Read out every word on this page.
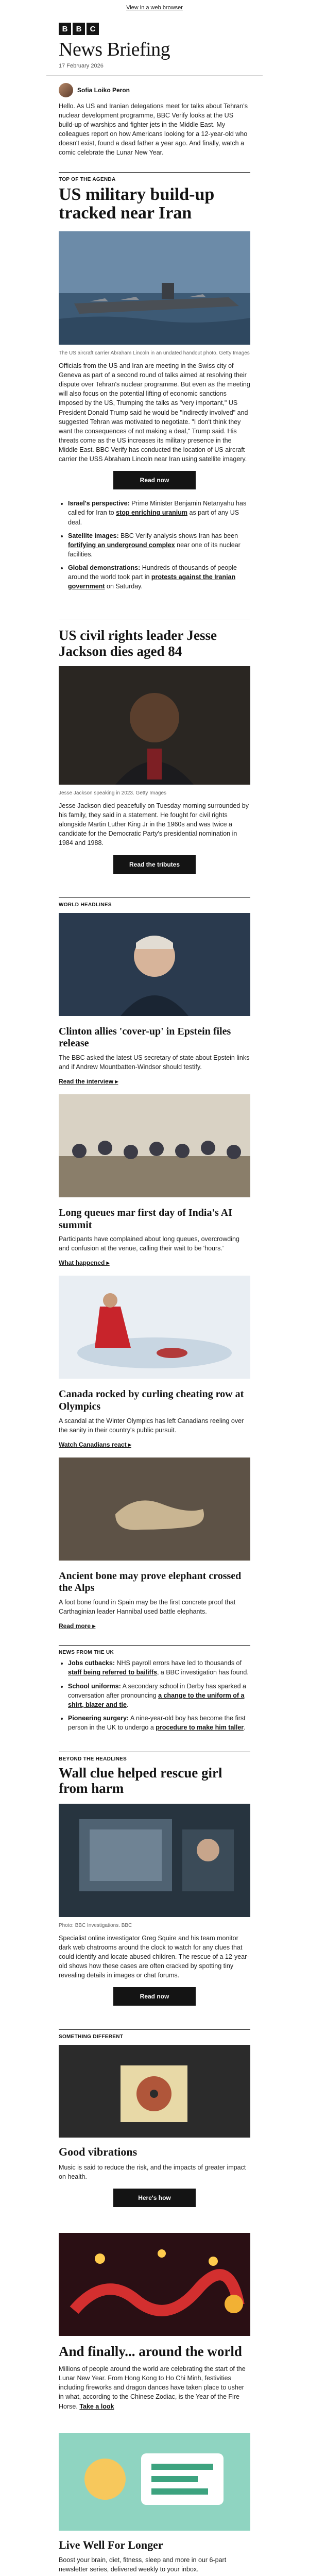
View in a web browser
B	B	C
News Briefing
17 February 2026
Sofia Loiko Peron

Hello. As US and Iranian delegations meet for talks about Tehran's nuclear development programme, BBC Verify looks at the US build-up of warships and fighter jets in the Middle East. My colleagues report on how Americans looking for a 12-year-old who doesn't exist, found a dead father a year ago. And finally, watch a comic celebrate the Lunar New Year.

TOP OF THE AGENDA
US military build-up tracked near Iran
The US aircraft carrier Abraham Lincoln in an undated handout photo. Getty Images

Officials from the US and Iran are meeting in the Swiss city of Geneva as part of a second round of talks aimed at resolving their dispute over Tehran's nuclear programme. But even as the meeting will also focus on the potential lifting of economic sanctions imposed by the US, Trumping the talks as "very important," US President Donald Trump said he would be "indirectly involved" and suggested Tehran was motivated to negotiate. "I don't think they want the consequences of not making a deal," Trump said. His threats come as the US increases its military presence in the Middle East. BBC Verify has conducted the location of US aircraft carrier the USS Abraham Lincoln near Iran using satellite imagery.

Read now
• Israel's perspective: Prime Minister Benjamin Netanyahu has called for Iran to stop enriching uranium as part of any US deal.
• Satellite images: BBC Verify analysis shows Iran has been fortifying an underground complex near one of its nuclear facilities.
• Global demonstrations: Hundreds of thousands of people around the world took part in protests against the Iranian government on Saturday.
US civil rights leader Jesse Jackson dies aged 84
Jesse Jackson speaking in 2023. Getty Images

Jesse Jackson died peacefully on Tuesday morning surrounded by his family, they said in a statement. He fought for civil rights alongside Martin Luther King Jr in the 1960s and was twice a candidate for the Democratic Party's presidential nomination in 1984 and 1988.

Read the tributes
WORLD HEADLINES
Clinton allies 'cover-up' in Epstein files release

The BBC asked the latest US secretary of state about Epstein links and if Andrew Mountbatten-Windsor should testify.

Read the interview ▸
Long queues mar first day of India's AI summit

Participants have complained about long queues, overcrowding and confusion at the venue, calling their wait to be 'hours.'

What happened ▸
Canada rocked by curling cheating row at Olympics

A scandal at the Winter Olympics has left Canadians reeling over the sanity in their country's public pursuit.

Watch Canadians react ▸
Ancient bone may prove elephant crossed the Alps

A foot bone found in Spain may be the first concrete proof that Carthaginian leader Hannibal used battle elephants.

Read more ▸
NEWS FROM THE UK
• Jobs cutbacks: NHS payroll errors have led to thousands of staff being referred to bailiffs, a BBC investigation has found.
• School uniforms: A secondary school in Derby has sparked a conversation after pronouncing a change to the uniform of a shirt, blazer and tie.
• Pioneering surgery: A nine-year-old boy has become the first person in the UK to undergo a procedure to make him taller.
BEYOND THE HEADLINES
Wall clue helped rescue girl from harm
Photo: BBC Investigations. BBC

Specialist online investigator Greg Squire and his team monitor dark web chatrooms around the clock to watch for any clues that could identify and locate abused children. The rescue of a 12-year-old shows how these cases are often cracked by spotting tiny revealing details in images or chat forums.

Read now
SOMETHING DIFFERENT
Good vibrations

Music is said to reduce the risk, and the impacts of greater impact on health.

Here's how
And finally... around the world

Millions of people around the world are celebrating the start of the Lunar New Year. From Hong Kong to Ho Chi Minh, festivities including fireworks and dragon dances have taken place to usher in what, according to the Chinese Zodiac, is the Year of the Fire Horse. Take a look

Live Well For Longer

Boost your brain, diet, fitness, sleep and more in our 6-part newsletter series, delivered weekly to your inbox.
